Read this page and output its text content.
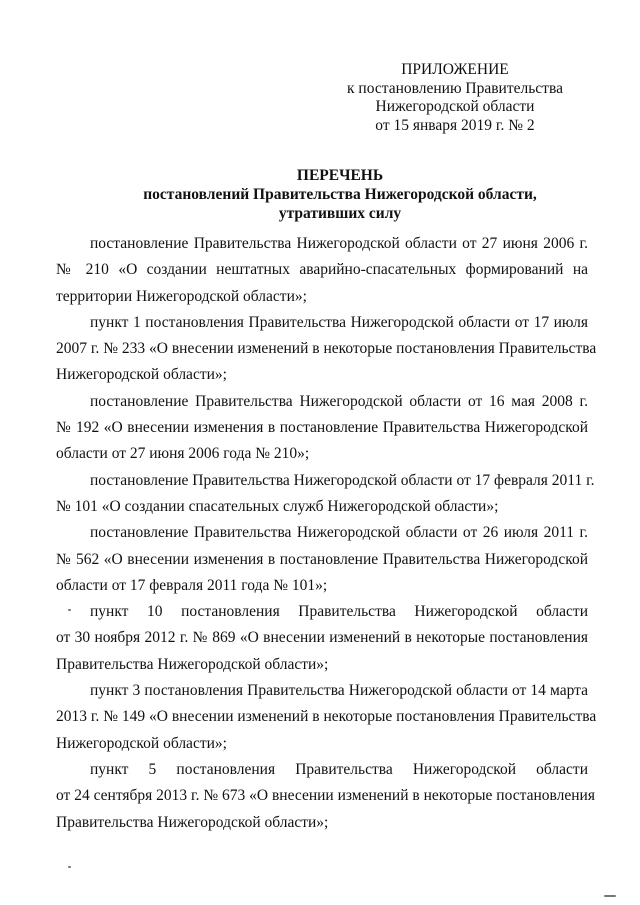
ПРИЛОЖЕНИЕ
к постановлению Правительства
Нижегородской области
от 15 января 2019 г. № 2
ПЕРЕЧЕНЬ
постановлений Правительства Нижегородской области,
утративших силу
постановление Правительства Нижегородской области от 27 июня 2006 г.
№ 210 «О создании нештатных аварийно-спасательных формирований на
территории Нижегородской области»;
пункт 1 постановления Правительства Нижегородской области от 17 июля
2007 г. № 233 «О внесении изменений в некоторые постановления Правительства
Нижегородской области»;
постановление Правительства Нижегородской области от 16 мая 2008 г.
№ 192 «О внесении изменения в постановление Правительства Нижегородской
области от 27 июня 2006 года № 210»;
постановление Правительства Нижегородской области от 17 февраля 2011 г.
№ 101 «О создании спасательных служб Нижегородской области»;
постановление Правительства Нижегородской области от 26 июля 2011 г.
№ 562 «О внесении изменения в постановление Правительства Нижегородской
области от 17 февраля 2011 года № 101»;
пункт 10 постановления Правительства Нижегородской области
от 30 ноября 2012 г. № 869 «О внесении изменений в некоторые постановления
Правительства Нижегородской области»;
пункт 3 постановления Правительства Нижегородской области от 14 марта
2013 г. № 149 «О внесении изменений в некоторые постановления Правительства
Нижегородской области»;
пункт 5 постановления Правительства Нижегородской области
от 24 сентября 2013 г. № 673 «О внесении изменений в некоторые постановления
Правительства Нижегородской области»;
